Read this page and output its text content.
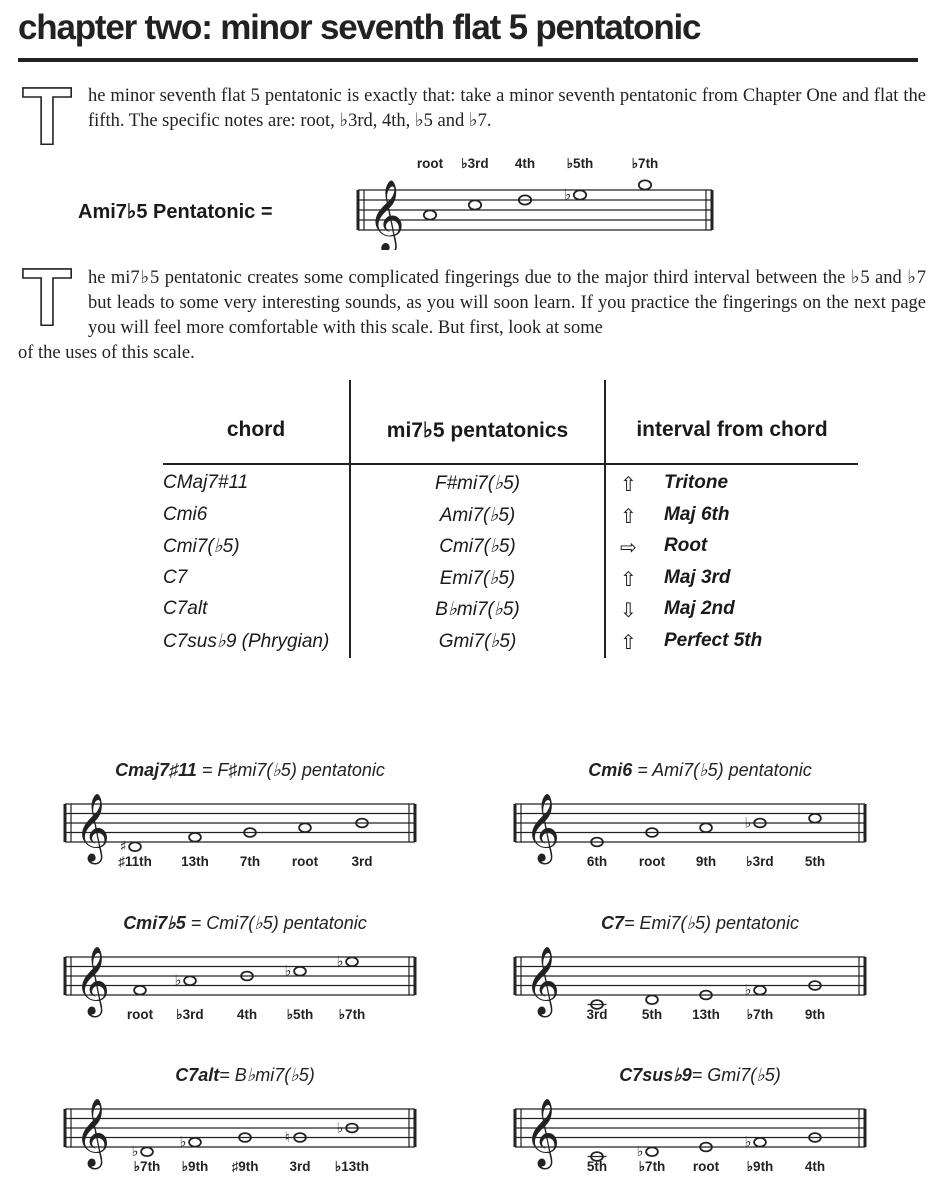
chapter two: minor seventh flat 5 pentatonic
T he minor seventh flat 5 pentatonic is exactly that: take a minor seventh pentatonic from Chapter One and flat the fifth. The specific notes are: root, ♭3rd, 4th, ♭5 and ♭7.
Ami7♭5 Pentatonic = 𝄞	♭
root ♭3rd 4th ♭5th	♭7th
T he mi7♭5 pentatonic creates some complicated fingerings due to the major third interval between the ♭5 and ♭7 but leads to some very interesting sounds, as you will soon learn. If you practice the fingerings on the next page you will feel more comfortable with this scale. But first, look at some
of the uses of this scale.
chord	mi7♭5 pentatonics	interval from chord
CMaj7#11	F#mi7(♭5)	⇧ Tritone
Cmi6	Ami7(♭5)	⇧ Maj 6th
Cmi7(♭5)	Cmi7(♭5)	⇨ Root
C7	Emi7(♭5)	⇧ Maj 3rd
C7alt	B♭mi7(♭5)	⇩ Maj 2nd
C7sus♭9 (Phrygian)	Gmi7(♭5)	⇧ Perfect 5th
Cmaj7♯11 = F♯mi7(♭5) pentatonic
𝄞 ♯
♯11th 13th 7th root 3rd
Cmi6 = Ami7(♭5) pentatonic
𝄞	♭
6th root 9th ♭3rd 5th
Cmi7♭5 = Cmi7(♭5) pentatonic
𝄞	♭
♭
♭
root ♭3rd 4th ♭5th ♭7th
C7= Emi7(♭5) pentatonic
𝄞	♭
3rd	5th 13th ♭7th 9th
C7alt= B♭mi7(♭5)
𝄞 ♭
♭	♮
♭
♭7th ♭9th ♯9th 3rd ♭13th
C7sus♭9= Gmi7(♭5)
𝄞	♭
♭
5th ♭7th root ♭9th 4th
